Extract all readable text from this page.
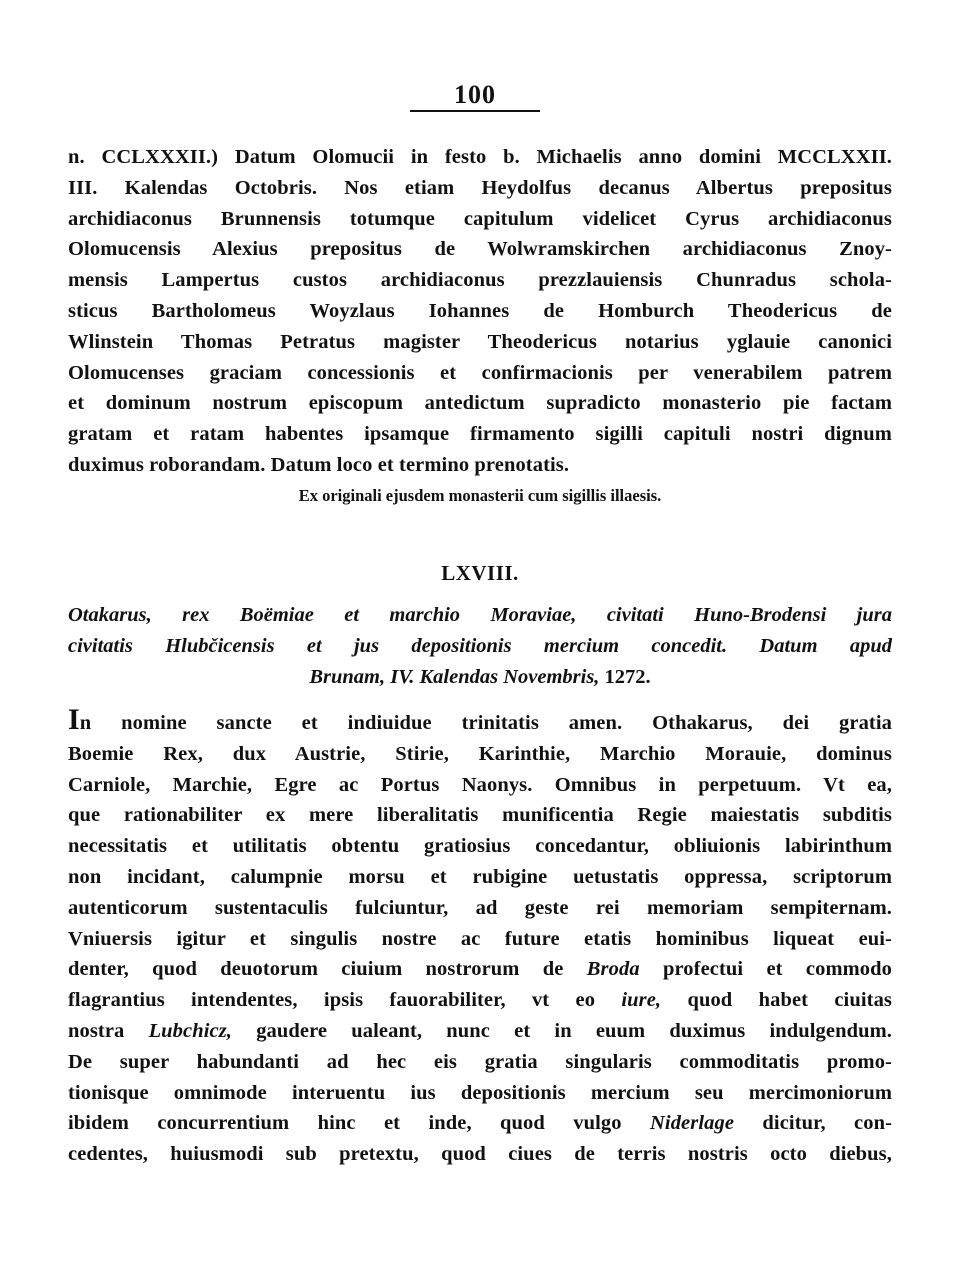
100
n. CCLXXXII.) Datum Olomucii in festo b. Michaelis anno domini MCCLXXII.
III. Kalendas Octobris. Nos etiam Heydolfus decanus Albertus prepositus
archidiaconus Brunnensis totumque capitulum videlicet Cyrus archidiaconus
Olomucensis Alexius prepositus de Wolwramskirchen archidiaconus Znoy-
mensis Lampertus custos archidiaconus prezzlauiensis Chunradus schola-
sticus Bartholomeus Woyzlaus Iohannes de Homburch Theodericus de
Wlinstein Thomas Petratus magister Theodericus notarius yglauie canonici
Olomucenses graciam concessionis et confirmacionis per venerabilem patrem
et dominum nostrum episcopum antedictum supradicto monasterio pie factam
gratam et ratam habentes ipsamque firmamento sigilli capituli nostri dignum
duximus roborandam. Datum loco et termino prenotatis.
Ex originali ejusdem monasterii cum sigillis illaesis.
LXVIII.
Otakarus, rex Boëmiae et marchio Moraviae, civitati Huno-Brodensi jura
civitatis Hlubčicensis et jus depositionis mercium concedit. Datum apud
Brunam, IV. Kalendas Novembris, 1272.
In nomine sancte et indiuidue trinitatis amen. Othakarus, dei gratia
Boemie Rex, dux Austrie, Stirie, Karinthie, Marchio Morauie, dominus
Carniole, Marchie, Egre ac Portus Naonys. Omnibus in perpetuum. Vt ea,
que rationabiliter ex mere liberalitatis munificentia Regie maiestatis subditis
necessitatis et utilitatis obtentu gratiosius concedantur, obliuionis labirinthum
non incidant, calumpnie morsu et rubigine uetustatis oppressa, scriptorum
autenticorum sustentaculis fulciuntur, ad geste rei memoriam sempiternam.
Vniuersis igitur et singulis nostre ac future etatis hominibus liqueat eui-
denter, quod deuotorum ciuium nostrorum de Broda profectui et commodo
flagrantius intendentes, ipsis fauorabiliter, vt eo iure, quod habet ciuitas
nostra Lubchicz, gaudere ualeant, nunc et in euum duximus indulgendum.
De super habundanti ad hec eis gratia singularis commoditatis promo-
tionisque omnimode interuentu ius depositionis mercium seu mercimoniorum
ibidem concurrentium hinc et inde, quod vulgo Niderlage dicitur, con-
cedentes, huiusmodi sub pretextu, quod ciues de terris nostris octo diebus,
